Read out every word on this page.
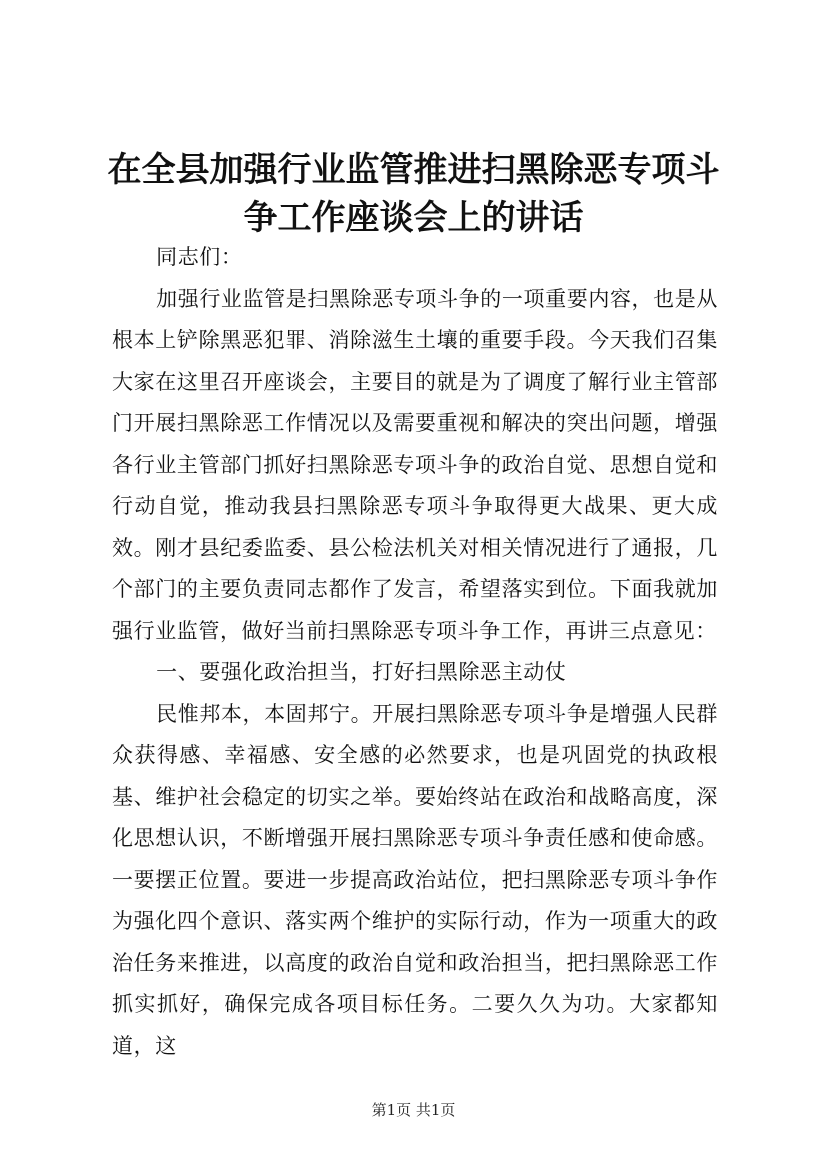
在全县加强行业监管推进扫黑除恶专项斗争工作座谈会上的讲话

同志们：

加强行业监管是扫黑除恶专项斗争的一项重要内容，也是从根本上铲除黑恶犯罪、消除滋生土壤的重要手段。今天我们召集大家在这里召开座谈会，主要目的就是为了调度了解行业主管部门开展扫黑除恶工作情况以及需要重视和解决的突出问题，增强各行业主管部门抓好扫黑除恶专项斗争的政治自觉、思想自觉和行动自觉，推动我县扫黑除恶专项斗争取得更大战果、更大成效。刚才县纪委监委、县公检法机关对相关情况进行了通报，几个部门的主要负责同志都作了发言，希望落实到位。下面我就加强行业监管，做好当前扫黑除恶专项斗争工作，再讲三点意见：

一、要强化政治担当，打好扫黑除恶主动仗

民惟邦本，本固邦宁。开展扫黑除恶专项斗争是增强人民群众获得感、幸福感、安全感的必然要求，也是巩固党的执政根基、维护社会稳定的切实之举。要始终站在政治和战略高度，深化思想认识，不断增强开展扫黑除恶专项斗争责任感和使命感。一要摆正位置。要进一步提高政治站位，把扫黑除恶专项斗争作为强化四个意识、落实两个维护的实际行动，作为一项重大的政治任务来推进，以高度的政治自觉和政治担当，把扫黑除恶工作抓实抓好，确保完成各项目标任务。二要久久为功。大家都知道，这

第1页 共1页
